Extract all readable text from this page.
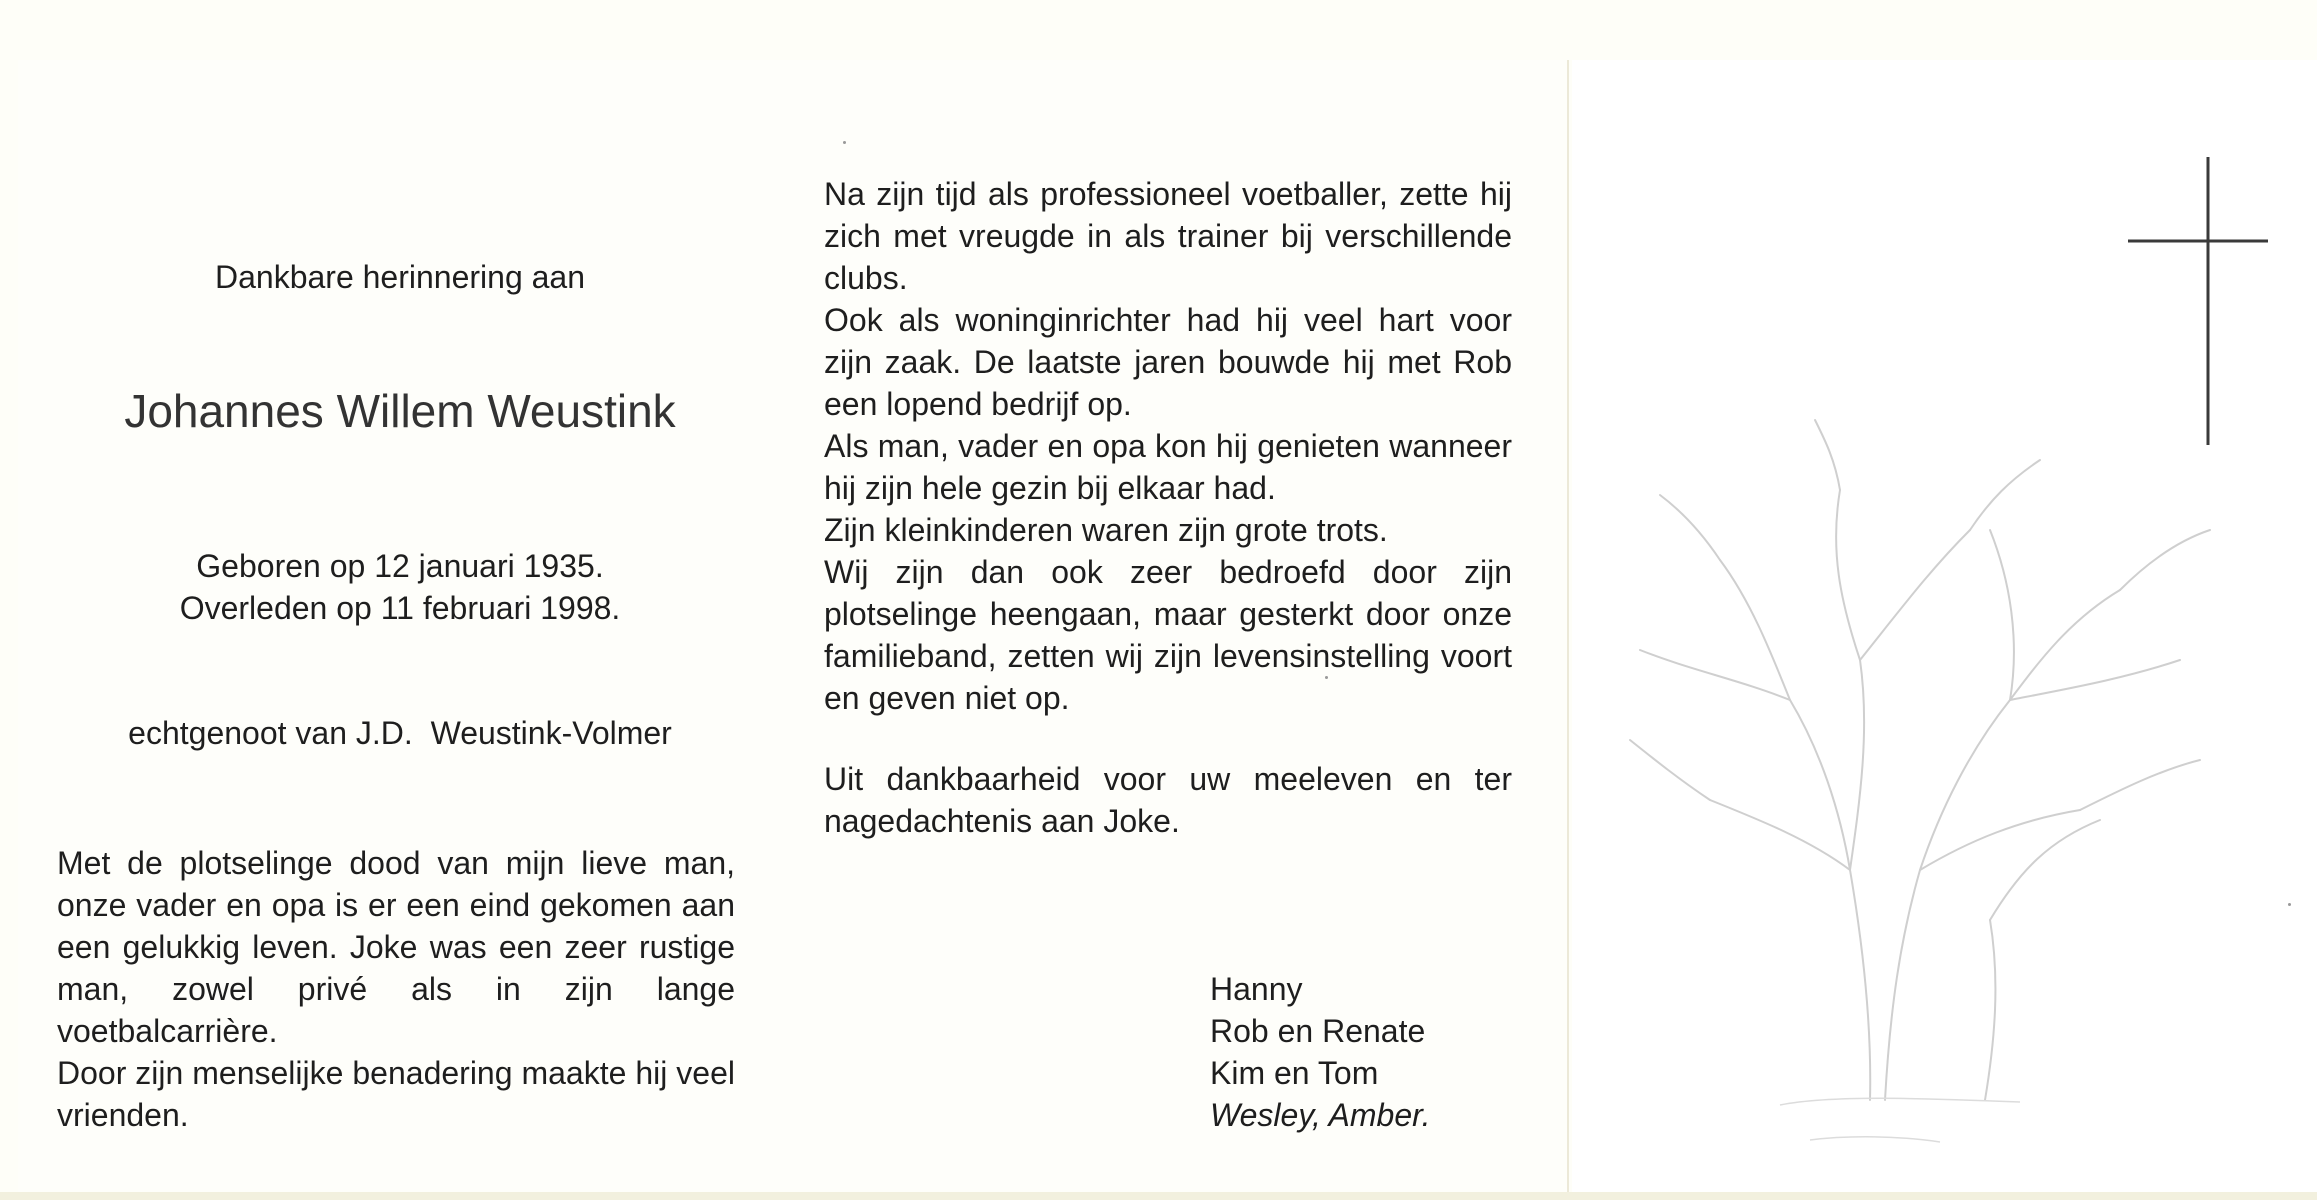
Dankbare herinnering aan
Johannes Willem Weustink
Geboren op 12 januari 1935.
Overleden op 11 februari 1998.
echtgenoot van J.D.  Weustink-Volmer

Met de plotselinge dood van mijn lieve man, onze vader en opa is er een eind gekomen aan een gelukkig leven. Joke was een zeer rustige man, zowel privé als in zijn lange voetbalcarrière.

Door zijn menselijke benadering maakte hij veel vrienden.

Na zijn tijd als professioneel voetballer, zette hij zich met vreugde in als trainer bij verschillende clubs.

Ook als woninginrichter had hij veel hart voor zijn zaak. De laatste jaren bouwde hij met Rob een lopend bedrijf op.

Als man, vader en opa kon hij genieten wanneer hij zijn hele gezin bij elkaar had.

Zijn kleinkinderen waren zijn grote trots.

Wij zijn dan ook zeer bedroefd door zijn plotselinge heengaan, maar gesterkt door onze familieband, zetten wij zijn levensinstelling voort en geven niet op.

Uit dankbaarheid voor uw meeleven en ter nagedachtenis aan Joke.

Hanny
Rob en Renate
Kim en Tom
Wesley, Amber.
